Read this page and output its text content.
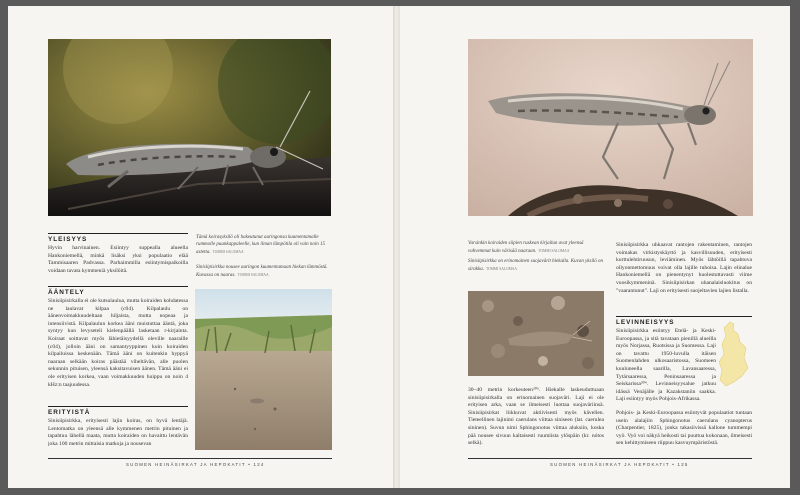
YLEISYYS

Hyvin harvinainen. Esiintyy suppealla alueella Hankoniemellä, minkä lisäksi yksi populaatio elää Tammisaaren Padvassa. Parhaimmilla esiintymispaikoilla voidaan tavata kymmeniä yksilöitä.

ÄÄNTELY

Sinisiipisirkalla ei ole kutsulaulua, mutta koiraiden kohdatessa ne laulavat kilpaa (c04). Kilpalaulu on äänenvoimakkuudeltaan hiljaista, mutta nopeaa ja intensiivistä. Kilpalaulun korkea ääni muistuttaa ääntä, joka syntyy kun levyseteli kielenpäällä lasketaan r-kirjainta. Koiraat soittavat myös lähietäisyydellä oleville naaraille (c04), jolloin ääni on samantyyppinen kuin koiraiden kilpailuissa keskenään. Tämä ääni on kuitenkin hyppyä naaraan selkään koiras päästää viheltävän, alle puolen sekunnin pituisen, yleensä kaksitavuisen äänen. Tämä ääni ei ole erityisen korkea, vaan voimakkuuden huippu on noin 4 kHz:n taajuudessa.

ERITYISTÄ

Sinisiipisirkka, erityisesti lajin koiras, on hyvä lentäjä. Lentomatka on yleensä alle kymmenen metrin pituinen ja tapahtuu lähellä maata, mutta koiraiden on havaittu lentävän joka 100 metrin mittaisia matkoja ja nousevan

Tämä koirasyksilö oli hakeutunut auringonsa kuumentamalle rummolle puunkappaleelle, kun ilman lämpötila oli vain noin 15 astetta. TOMMI SALOMAA

Sinisiipisirkka nousee auringon kuumentamaan hiekan lämmöstä. Kuvassa on naaras. TOMMI SALOMAA

SUOMEN HEINÄSIRKAT JA HEPOKATIT • 124

Varsinkin koiraiden siipien ruskean kirjailun avat yleensä vahvemmat kuin värisää naaraan. TOMMI SALOMAA

Sinisiipisirkka on erinomainen suojavärit hiekalla. Kuvan yksilö on sirakka. TOMMI SALOMAA

30–40 metrin korkeuteen²⁰³. Hiekalle laskeuduttuaan sinisiipisirkalla on erinomainen suojaväri. Laji ei ole erityisen arka, vaan se ilmeisesti luottaa suojaväriinsä. Sinisiipisirkat liikkuvat aktiivisesti myös kävellen. Tieteellinen lajinimi caerulans viittaa siniseen (lat. caerulea sininen). Suvun nimi Sphingonotus viittaa aluksiin, koska pää nousee sivuun kaltaisesti ruumiista ylöspäin (kr. nótos selkä).

Sinisiipisirkka uhkaavat rantojen rakentaminen, rantojen voimakas virkistyskäyttö ja kasvillisuuden, erityisesti kurttulehtiruusun, leviäminen. Myös lähtöillä tapahtuva ollyonmettomuus voivat olla lajille tuhoisa. Lajin elinalue Hankoniemellä on pienentynyt huolestuttavasti viime vuosikymmeninä. Sinisiipisirkan uhanalaisluokitus on "vaarantunut". Laji on erityisesti suojeltavien lajien listalla.

LEVINNEISYYS

Sinisiipisirkka esiintyy Etelä- ja Keski-Euroopassa, ja sitä tavataan pienillä alueilla myös Norjassa, Ruotsissa ja Suomessa. Laji on tavattu 1950-luvulla itäisen Suomenlahden ulkosaaristossa, Suomeen kuuluneella saarilla, Lavansaaressa, Tytärsaaressa, Peninsaaressa ja Seiskarissa²⁰⁴. Levinneisyysalue jatkuu idässä Venäjälle ja Kazakstaniin saakka. Laji esiintyy myös Pohjois-Afrikassa.

Pohjois- ja Keski-Euroopassa esiintyvät populaatiot tuntaan usein alalajiin Sphingonotus caerulans cyanopterus (Charpentier, 1825), jonka takasiivissä kallone tummempi vyö. Vyö voi näkyä heikosti tai puuttua kokonaan, ilmeisesti sen kehittymiseen riippuu kasvuympäristöstä.

SUOMEN HEINÄSIRKAT JA HEPOKATIT • 125
